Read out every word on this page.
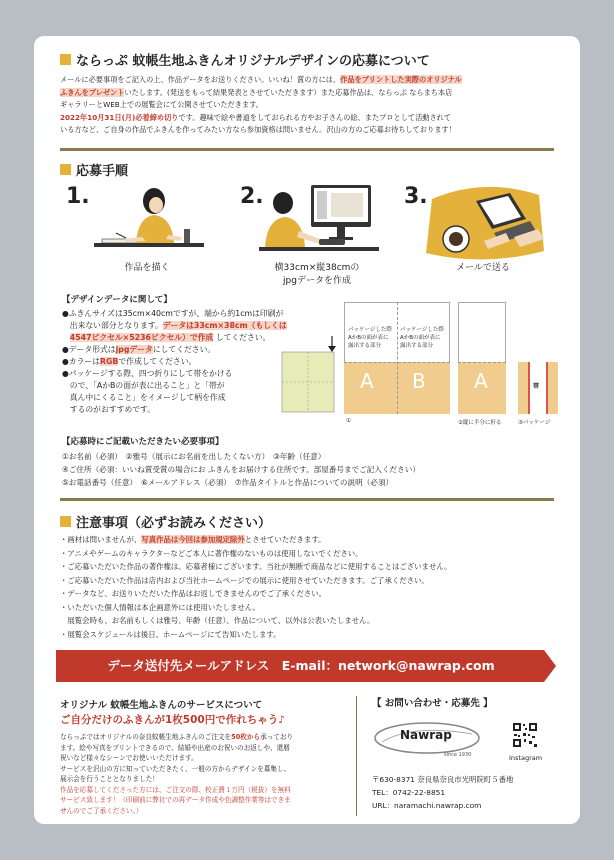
ならっぷ 蚊帳生地ふきんオリジナルデザインの応募について

メールに必要事項をご記入の上、作品データをお送りください。いいね！賞の方には、作品をプリントした実際のオリジナル

ふきんをプレゼントいたします。(発送をもって結果発表とさせていただきます）また応募作品は、ならっぷ ならまち本店

ギャラリーとWEB上での展覧会にて公開させていただきます。

2022年10月31日(月)必着締め切りです。趣味で絵や書道をしておられる方やお子さんの絵、またプロとして活動されて

いる方など、ご自身の作品でふきんを作ってみたい方なら参加資格は問いません。沢山の方のご応募お待ちしております！

応募手順
1.	2.	3.
作品を描く	横33cm×縦38cmの
jpgデータを作成
メールで送る
【デザインデータに関して】
●ふきんサイズは35cm×40cmですが、端から約1cmは印刷が
　出来ない部分となります。データは33cm×38cm（もしくは
　4547ピクセル×5236ピクセル）で作成 してください。
●データ形式はjpgデータにしてください。
●カラーはRGBで作成してください。
●パッケージする際、四つ折りにして帯をかける
　ので、「AかBの面が表に出ること」と「帯が
　真ん中にくること」をイメージして柄を作成
　するのがおすすめです。
パッケージした際
AかBの面が表に
露出する部分
パッケージした際
AかBの面が表に
露出する部分
A B A	帯
①	②縦に半分に折る	③パッケージ
【応募時にご記載いただきたい必要事項】
①お名前（必須）　②雅号（展示にお名前を出したくない方）　③年齢（任意）
④ご住所（必須：いいね賞受賞の場合にお ふきんをお届けする住所です。部屋番号までご記入ください）
⑤お電話番号（任意）　⑥メールアドレス（必須）　⑦作品タイトルと作品についての説明（必須）
注意事項（必ずお読みください）
・画材は問いませんが、写真作品は今回は参加規定除外とさせていただきます。
・アニメやゲームのキャラクターなどご本人に著作権のないものは使用しないでください。
・ご応募いただいた作品の著作権は、応募者様にございます。当社が無断で商品などに使用することはございません。
・ご応募いただいた作品は店内および当社ホームページでの展示に使用させていただきます。ご了承ください。
・データなど、お送りいただいた作品はお返しできませんのでご了承ください。
・いただいた個人情報は本企画意外には使用いたしません。
　展覧会時も、お名前もしくは雅号、年齢（任意）、作品について、以外は公表いたしません。
・展覧会スケジュールは後日、ホームページにて告知いたします。
データ送付先メールアドレス　E-mail：network@nawrap.com
オリジナル 蚊帳生地ふきんのサービスについて
ご自分だけのふきんが1枚500円で作れちゃう♪
ならっぷではオリジナルの奈良蚊帳生地ふきんのご注文を50枚から承っており
ます。絵や写真をプリントできるので、結婚や出産のお祝いのお返しや、還暦
祝いなど様々なシーンでお使いいただけます。
サービスを沢山の方に知っていただきたく、一般の方からデザインを募集し、
展示会を行うこととなりました！
作品を応募してくださった方には、ご注文の際、校正費１万円（税抜）を無料
サービス致します！（印刷前に弊社での再データ作成や色調整作業等はできま
せんのでご了承ください。）
【 お問い合わせ・応募先 】
Nawrap
since 1930	Instagram
〒630-8371 奈良県奈良市光明院町５番地
TEL：0742-22-8851
URL：naramachi.nawrap.com
